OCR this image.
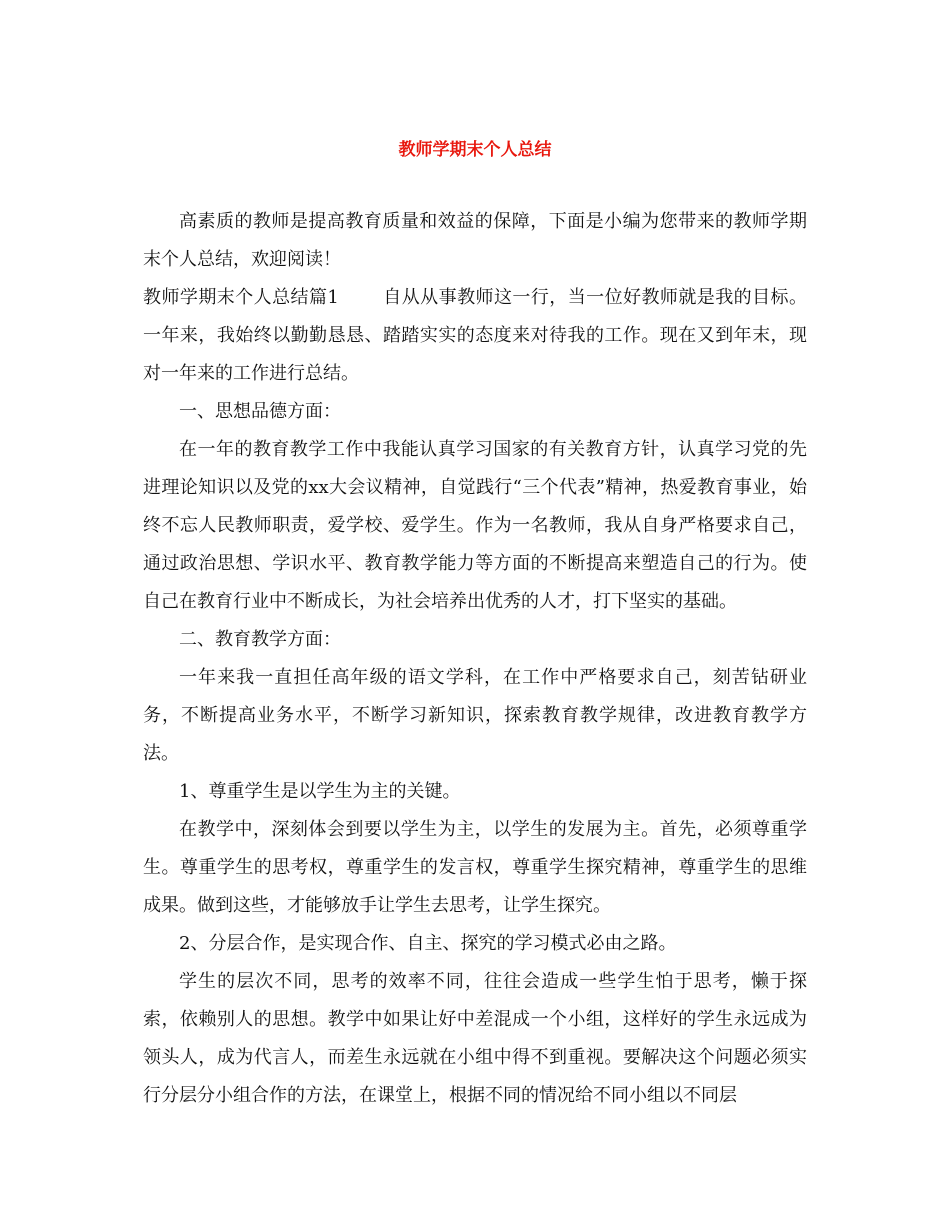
教师学期末个人总结

高素质的教师是提高教育质量和效益的保障，下面是小编为您带来的教师学期末个人总结，欢迎阅读！

教师学期末个人总结篇1 自从从事教师这一行，当一位好教师就是我的目标。一年来，我始终以勤勤恳恳、踏踏实实的态度来对待我的工作。现在又到年末，现对一年来的工作进行总结。

一、思想品德方面：

在一年的教育教学工作中我能认真学习国家的有关教育方针，认真学习党的先进理论知识以及党的xx大会议精神，自觉践行“三个代表”精神，热爱教育事业，始终不忘人民教师职责，爱学校、爱学生。作为一名教师，我从自身严格要求自己，通过政治思想、学识水平、教育教学能力等方面的不断提高来塑造自己的行为。使自己在教育行业中不断成长，为社会培养出优秀的人才，打下坚实的基础。

二、教育教学方面：

一年来我一直担任高年级的语文学科，在工作中严格要求自己，刻苦钻研业务，不断提高业务水平，不断学习新知识，探索教育教学规律，改进教育教学方法。

1、尊重学生是以学生为主的关键。

在教学中，深刻体会到要以学生为主，以学生的发展为主。首先，必须尊重学生。尊重学生的思考权，尊重学生的发言权，尊重学生探究精神，尊重学生的思维成果。做到这些，才能够放手让学生去思考，让学生探究。

2、分层合作，是实现合作、自主、探究的学习模式必由之路。

学生的层次不同，思考的效率不同，往往会造成一些学生怕于思考，懒于探索，依赖别人的思想。教学中如果让好中差混成一个小组，这样好的学生永远成为领头人，成为代言人，而差生永远就在小组中得不到重视。要解决这个问题必须实行分层分小组合作的方法，在课堂上，根据不同的情况给不同小组以不同层
